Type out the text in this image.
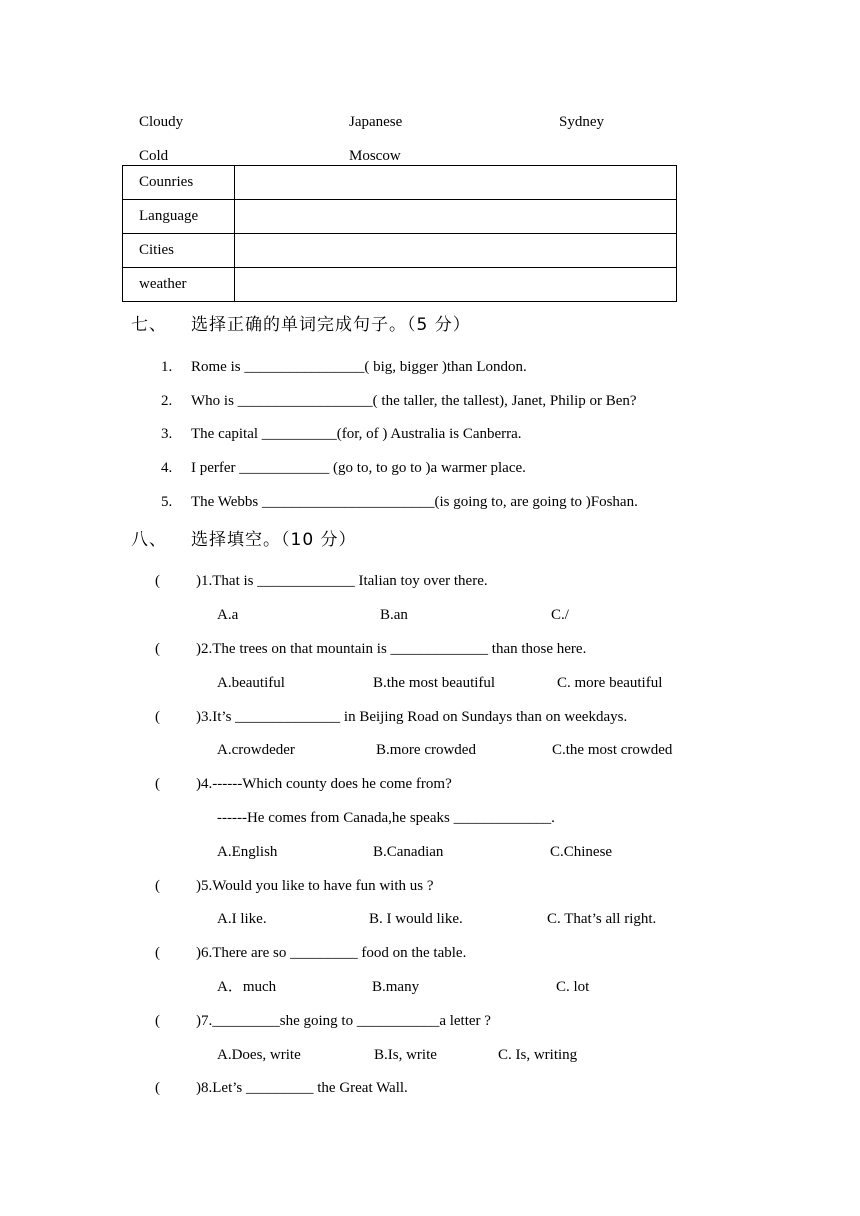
Cloudy	Japanese	Sydney
Cold	Moscow
Counries	
Language	
Cities	
weather	
七、 选择正确的单词完成句子。（5 分）
1. Rome is ________________( big, bigger )than London.
2. Who is __________________( the taller, the tallest), Janet, Philip or Ben?
3. The capital __________(for, of ) Australia is Canberra.
4. I perfer ____________ (go to, to go to )a warmer place.
5. The Webbs _______________________(is going to, are going to )Foshan.
八、 选择填空。（10 分）
( )1.That is _____________ Italian toy over there.
A.a	B.an	C./
( )2.The trees on that mountain is _____________ than those here.
A.beautiful	B.the most beautiful	C. more beautiful
( )3.It’s ______________ in Beijing Road on Sundays than on weekdays.
A.crowdeder	B.more crowded	C.the most crowded
( )4.------Which county does he come from?
------He comes from Canada,he speaks _____________.
A.English	B.Canadian	C.Chinese
( )5.Would you like to have fun with us ?
A.I like.	B. I would like.	C. That’s all right.
( )6.There are so _________ food on the table.
A．much	B.many	C. lot
( )7._________she going to ___________a letter ?
A.Does, write	B.Is, write	C. Is, writing
( )8.Let’s _________ the Great Wall.
